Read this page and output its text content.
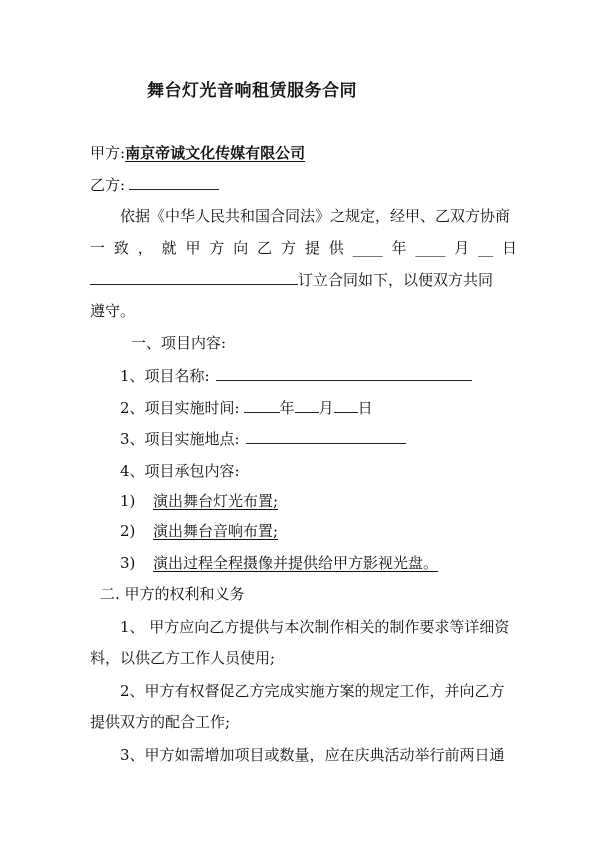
舞台灯光音响租赁服务合同
甲方:南京帝诚文化传媒有限公司
乙方:
依据《中华人民共和国合同法》之规定，经甲、乙双方协商
一 致 ， 就 甲 方 向 乙 方 提 供 ____ 年 ____ 月 __ 日
订立合同如下，以便双方共同
遵守。
一、项目内容:
1、项目名称:
2、项目实施时间:	年 月 日
3、项目实施地点:
4、项目承包内容:
1) 演出舞台灯光布置;
2) 演出舞台音响布置;
3) 演出过程全程摄像并提供给甲方影视光盘。
二. 甲方的权利和义务
1、 甲方应向乙方提供与本次制作相关的制作要求等详细资
料，以供乙方工作人员使用;
2、甲方有权督促乙方完成实施方案的规定工作，并向乙方
提供双方的配合工作;
3、甲方如需增加项目或数量，应在庆典活动举行前两日通
